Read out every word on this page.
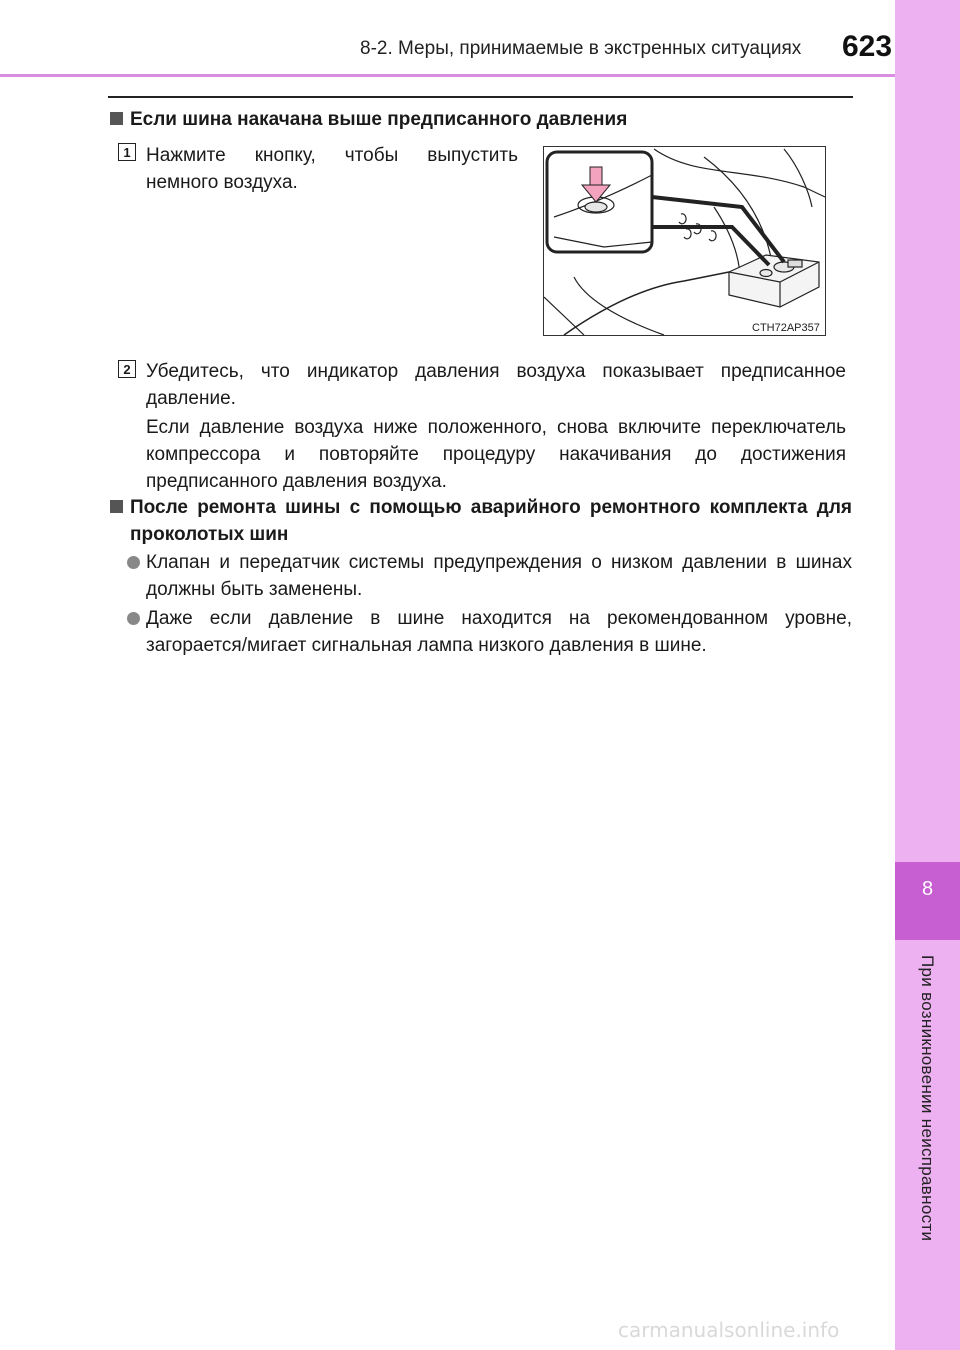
8-2. Меры, принимаемые в экстренных ситуациях 623
8
При возникновении неисправности
Если шина накачана выше предписанного давления
1 Нажмите кнопку, чтобы выпустить
немного воздуха.
CTH72AP357
2 Убедитесь, что индикатор давления воздуха показывает предписанное давление.
Если давление воздуха ниже положенного, снова включите переключатель компрессора и повторяйте процедуру накачивания до достижения предписанного давления воздуха.
После ремонта шины с помощью аварийного ремонтного комплекта для проколотых шин
Клапан и передатчик системы предупреждения о низком давлении в шинах должны быть заменены.
Даже если давление в шине находится на рекомендованном уровне, загорается/мигает сигнальная лампа низкого давления в шине.
carmanualsonline.info
